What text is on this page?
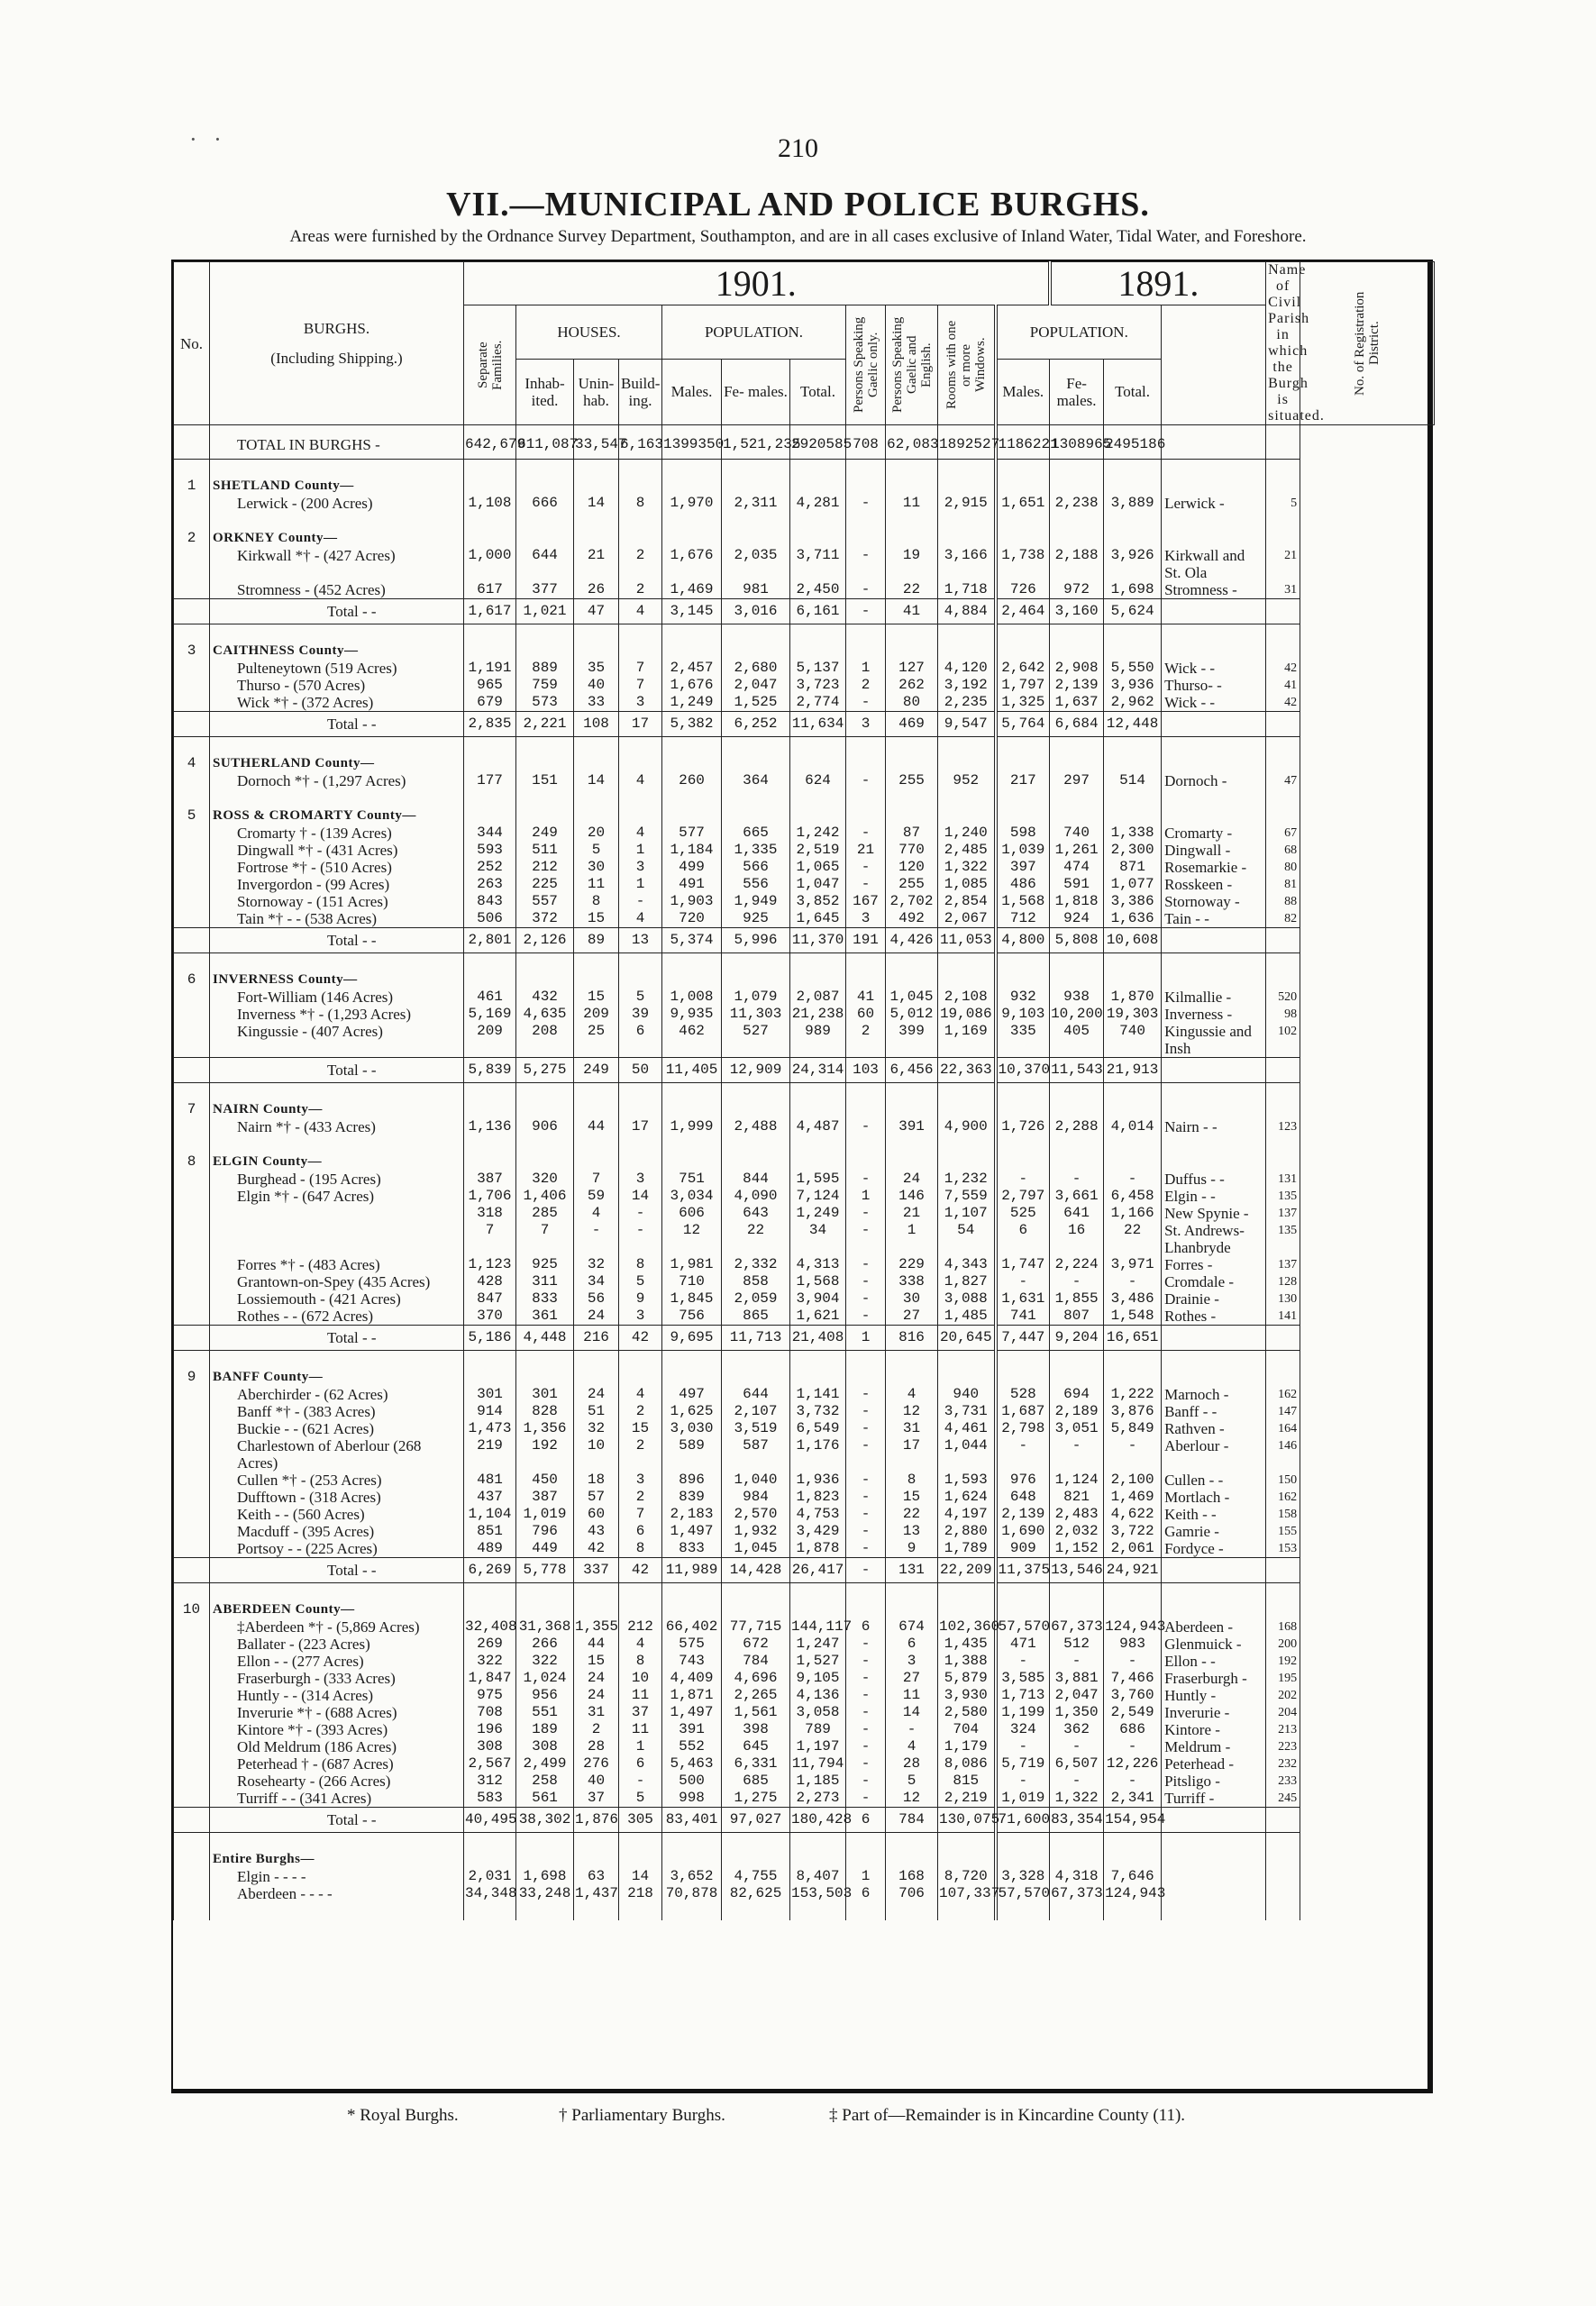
· ·	210
VII.—MUNICIPAL AND POLICE BURGHS.
Areas were furnished by the Ordnance Survey Department, Southampton, and are in all cases exclusive of Inland Water, Tidal Water, and Foreshore.
No.	BURGHS.
(Including Shipping.)	1901.											1891.			Name of Civil Parish in which the Burgh is situated.	No. of Registration District.

		Separate Families.	HOUSES.			POPULATION.			Persons Speaking Gaelic only.	Persons Speaking Gaelic and English.	Rooms with one or more Windows.	POPULATION.					
			Inhab- ited.	Unin- hab.	Build- ing.	Males.	Fe- males.	Total.				Males.	Fe- males.	Total.			
	TOTAL IN BURGHS -	642,679	611,087	33,547	6,163	1399350	1,521,235	2920585	708	62,083	1892527	1186221	1308965	2495186			
1	SHETLAND County—																
	Lerwick - (200 Acres)	1,108	666	14	8	1,970	2,311	4,281	-	11	2,915	1,651	2,238	3,889	Lerwick -	5	
2	ORKNEY County—																
	Kirkwall *† - (427 Acres)	1,000	644	21	2	1,676	2,035	3,711	-	19	3,166	1,738	2,188	3,926	Kirkwall and St. Ola	21	
	Stromness - (452 Acres)	617	377	26	2	1,469	981	2,450	-	22	1,718	726	972	1,698	Stromness -	31	
	Total - -	1,617	1,021	47	4	3,145	3,016	6,161	-	41	4,884	2,464	3,160	5,624			
3	CAITHNESS County—																
	Pulteneytown (519 Acres)	1,191	889	35	7	2,457	2,680	5,137	1	127	4,120	2,642	2,908	5,550	Wick - -	42	
	Thurso - (570 Acres)	965	759	40	7	1,676	2,047	3,723	2	262	3,192	1,797	2,139	3,936	Thurso- -	41	
	Wick *† - (372 Acres)	679	573	33	3	1,249	1,525	2,774	-	80	2,235	1,325	1,637	2,962	Wick - -	42	
	Total - -	2,835	2,221	108	17	5,382	6,252	11,634	3	469	9,547	5,764	6,684	12,448			
4	SUTHERLAND County—																
	Dornoch *† - (1,297 Acres)	177	151	14	4	260	364	624	-	255	952	217	297	514	Dornoch -	47	
5	ROSS & CROMARTY County—																
	Cromarty † - (139 Acres)	344	249	20	4	577	665	1,242	-	87	1,240	598	740	1,338	Cromarty -	67	
	Dingwall *† - (431 Acres)	593	511	5	1	1,184	1,335	2,519	21	770	2,485	1,039	1,261	2,300	Dingwall -	68	
	Fortrose *† - (510 Acres)	252	212	30	3	499	566	1,065	-	120	1,322	397	474	871	Rosemarkie -	80	
	Invergordon - (99 Acres)	263	225	11	1	491	556	1,047	-	255	1,085	486	591	1,077	Rosskeen -	81	
	Stornoway - (151 Acres)	843	557	8	-	1,903	1,949	3,852	167	2,702	2,854	1,568	1,818	3,386	Stornoway -	88	
	Tain *† - - (538 Acres)	506	372	15	4	720	925	1,645	3	492	2,067	712	924	1,636	Tain - -	82	
	Total - -	2,801	2,126	89	13	5,374	5,996	11,370	191	4,426	11,053	4,800	5,808	10,608			
6	INVERNESS County—																
	Fort-William (146 Acres)	461	432	15	5	1,008	1,079	2,087	41	1,045	2,108	932	938	1,870	Kilmallie -	520	
	Inverness *† - (1,293 Acres)	5,169	4,635	209	39	9,935	11,303	21,238	60	5,012	19,086	9,103	10,200	19,303	Inverness -	98	
	Kingussie - (407 Acres)	209	208	25	6	462	527	989	2	399	1,169	335	405	740	Kingussie and Insh	102	
	Total - -	5,839	5,275	249	50	11,405	12,909	24,314	103	6,456	22,363	10,370	11,543	21,913			
7	NAIRN County—																
	Nairn *† - (433 Acres)	1,136	906	44	17	1,999	2,488	4,487	-	391	4,900	1,726	2,288	4,014	Nairn - -	123	
8	ELGIN County—																
	Burghead - (195 Acres)	387	320	7	3	751	844	1,595	-	24	1,232	-	-	-	Duffus - -	131	
	Elgin *† - (647 Acres)	1,706	1,406	59	14	3,034	4,090	7,124	1	146	7,559	2,797	3,661	6,458	Elgin - -	135	
		318	285	4	-	606	643	1,249	-	21	1,107	525	641	1,166	New Spynie -	137	
		7	7	-	-	12	22	34	-	1	54	6	16	22	St. Andrews-Lhanbryde	135	
	Forres *† - (483 Acres)	1,123	925	32	8	1,981	2,332	4,313	-	229	4,343	1,747	2,224	3,971	Forres -	137	
	Grantown-on-Spey (435 Acres)	428	311	34	5	710	858	1,568	-	338	1,827	-	-	-	Cromdale -	128	
	Lossiemouth - (421 Acres)	847	833	56	9	1,845	2,059	3,904	-	30	3,088	1,631	1,855	3,486	Drainie -	130	
	Rothes - - (672 Acres)	370	361	24	3	756	865	1,621	-	27	1,485	741	807	1,548	Rothes -	141	
	Total - -	5,186	4,448	216	42	9,695	11,713	21,408	1	816	20,645	7,447	9,204	16,651			
9	BANFF County—																
	Aberchirder - (62 Acres)	301	301	24	4	497	644	1,141	-	4	940	528	694	1,222	Marnoch -	162	
	Banff *† - (383 Acres)	914	828	51	2	1,625	2,107	3,732	-	12	3,731	1,687	2,189	3,876	Banff - -	147	
	Buckie - - (621 Acres)	1,473	1,356	32	15	3,030	3,519	6,549	-	31	4,461	2,798	3,051	5,849	Rathven -	164	
	Charlestown of Aberlour (268 Acres)	219	192	10	2	589	587	1,176	-	17	1,044	-	-	-	Aberlour -	146	
	Cullen *† - (253 Acres)	481	450	18	3	896	1,040	1,936	-	8	1,593	976	1,124	2,100	Cullen - -	150	
	Dufftown - (318 Acres)	437	387	57	2	839	984	1,823	-	15	1,624	648	821	1,469	Mortlach -	162	
	Keith - - (560 Acres)	1,104	1,019	60	7	2,183	2,570	4,753	-	22	4,197	2,139	2,483	4,622	Keith - -	158	
	Macduff - (395 Acres)	851	796	43	6	1,497	1,932	3,429	-	13	2,880	1,690	2,032	3,722	Gamrie -	155	
	Portsoy - - (225 Acres)	489	449	42	8	833	1,045	1,878	-	9	1,789	909	1,152	2,061	Fordyce -	153	
	Total - -	6,269	5,778	337	42	11,989	14,428	26,417	-	131	22,209	11,375	13,546	24,921			
10	ABERDEEN County—																
	‡Aberdeen *† - (5,869 Acres)	32,408	31,368	1,355	212	66,402	77,715	144,117	6	674	102,360	57,570	67,373	124,943	Aberdeen -	168	
	Ballater - (223 Acres)	269	266	44	4	575	672	1,247	-	6	1,435	471	512	983	Glenmuick -	200	
	Ellon - - (277 Acres)	322	322	15	8	743	784	1,527	-	3	1,388	-	-	-	Ellon - -	192	
	Fraserburgh - (333 Acres)	1,847	1,024	24	10	4,409	4,696	9,105	-	27	5,879	3,585	3,881	7,466	Fraserburgh -	195	
	Huntly - - (314 Acres)	975	956	24	11	1,871	2,265	4,136	-	11	3,930	1,713	2,047	3,760	Huntly -	202	
	Inverurie *† - (688 Acres)	708	551	31	37	1,497	1,561	3,058	-	14	2,580	1,199	1,350	2,549	Inverurie -	204	
	Kintore *† - (393 Acres)	196	189	2	11	391	398	789	-	-	704	324	362	686	Kintore -	213	
	Old Meldrum (186 Acres)	308	308	28	1	552	645	1,197	-	4	1,179	-	-	-	Meldrum -	223	
	Peterhead † - (687 Acres)	2,567	2,499	276	6	5,463	6,331	11,794	-	28	8,086	5,719	6,507	12,226	Peterhead -	232	
	Rosehearty - (266 Acres)	312	258	40	-	500	685	1,185	-	5	815	-	-	-	Pitsligo -	233	
	Turriff - - (341 Acres)	583	561	37	5	998	1,275	2,273	-	12	2,219	1,019	1,322	2,341	Turriff -	245	
	Total - -	40,495	38,302	1,876	305	83,401	97,027	180,428	6	784	130,075	71,600	83,354	154,954			
	Entire Burghs—																
	Elgin - - - -	2,031	1,698	63	14	3,652	4,755	8,407	1	168	8,720	3,328	4,318	7,646			
	Aberdeen - - - -	34,348	33,248	1,437	218	70,878	82,625	153,503	6	706	107,337	57,570	67,373	124,943			

* Royal Burghs.	† Parliamentary Burghs.	‡ Part of—Remainder is in Kincardine County (11).
